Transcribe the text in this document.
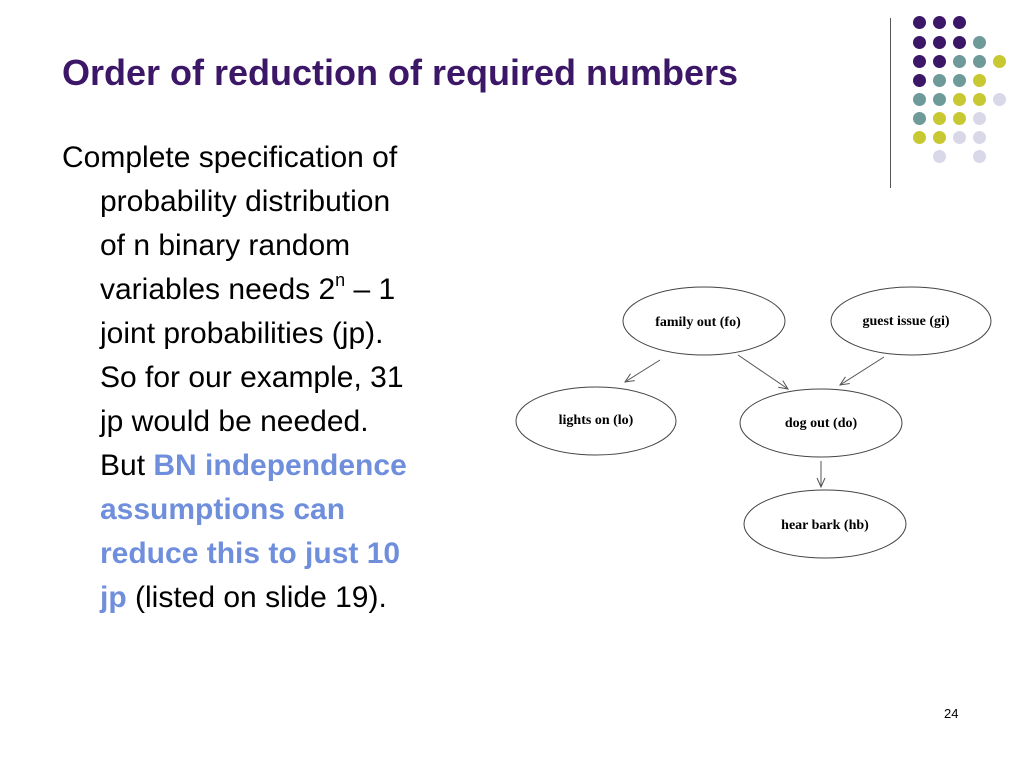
Order of reduction of required numbers
Complete specification of
probability distribution
of n binary random
variables needs 2$^n$ – 1
joint probabilities (jp).
So for our example, 31
jp would be needed.
But BN independence
assumptions can
reduce this to just 10
jp (listed on slide 19).
family out (fo)	guest issue (gi)
lights on (lo)	dog out (do)
hear bark (hb)
24
